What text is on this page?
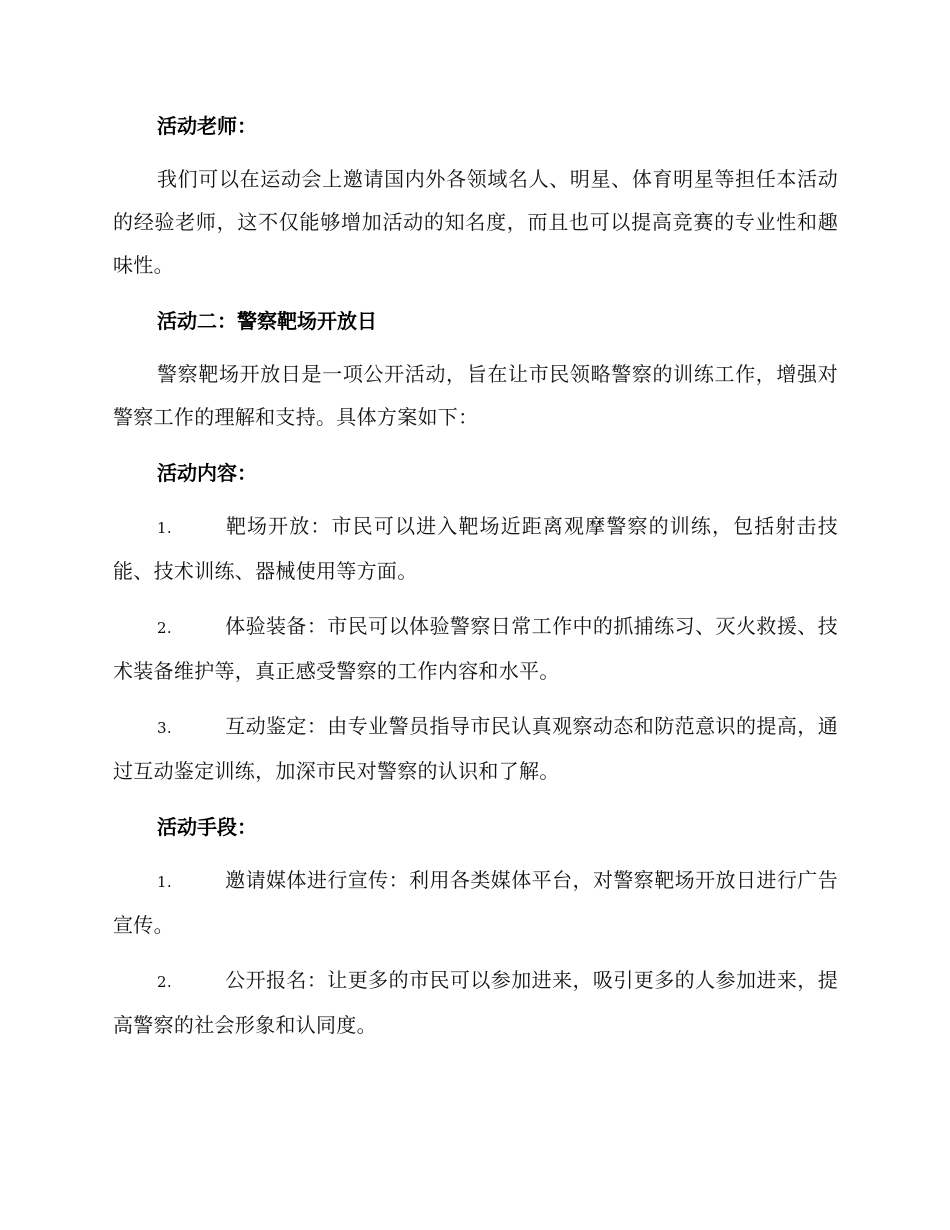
活动老师：

我们可以在运动会上邀请国内外各领域名人、明星、体育明星等担任本活动的经验老师，这不仅能够增加活动的知名度，而且也可以提高竞赛的专业性和趣味性。

活动二：警察靶场开放日

警察靶场开放日是一项公开活动，旨在让市民领略警察的训练工作，增强对警察工作的理解和支持。具体方案如下：

活动内容：

1.	靶场开放：市民可以进入靶场近距离观摩警察的训练，包括射击技能、技术训练、器械使用等方面。

2.	体验装备：市民可以体验警察日常工作中的抓捕练习、灭火救援、技术装备维护等，真正感受警察的工作内容和水平。

3.	互动鉴定：由专业警员指导市民认真观察动态和防范意识的提高，通过互动鉴定训练，加深市民对警察的认识和了解。

活动手段：

1.	邀请媒体进行宣传：利用各类媒体平台，对警察靶场开放日进行广告宣传。

2.	公开报名：让更多的市民可以参加进来，吸引更多的人参加进来，提高警察的社会形象和认同度。
